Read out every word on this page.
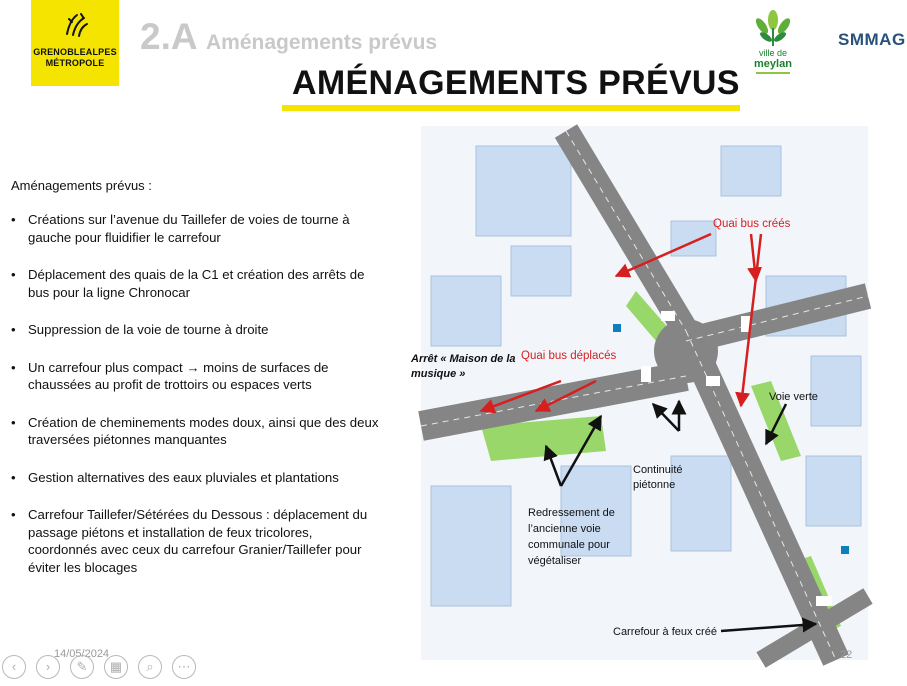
GRENOBLEALPES
MÉTROPOLE
2.A Aménagements prévus
AMÉNAGEMENTS PRÉVUS
ville de
meylan
SMMAG
Aménagements prévus :
• Créations sur l’avenue du Taillefer de voies de tourne à gauche pour fluidifier le carrefour
• Déplacement des quais de la C1 et création des arrêts de bus pour la ligne Chronocar
• Suppression de la voie de tourne à droite
• Un carrefour plus compact → moins de surfaces de chaussées au profit de trottoirs ou espaces verts
• Création de cheminements modes doux, ainsi que des deux traversées piétonnes manquantes
• Gestion alternatives des eaux pluviales et plantations
• Carrefour Taillefer/Sétérées du Dessous : déplacement du passage piétons et installation de feux tricolores, coordonnés avec ceux du carrefour Granier/Taillefer pour éviter les blocages
Quai bus créés
Arrêt « Maison de la
musique »
Quai bus déplacés
Voie verte
Continuité
piétonne
Redressement de
l’ancienne voie
communale pour
végétaliser
Carrefour à feux créé
14/05/2024	22
‹	›	✎	▦	⌕	⋯
